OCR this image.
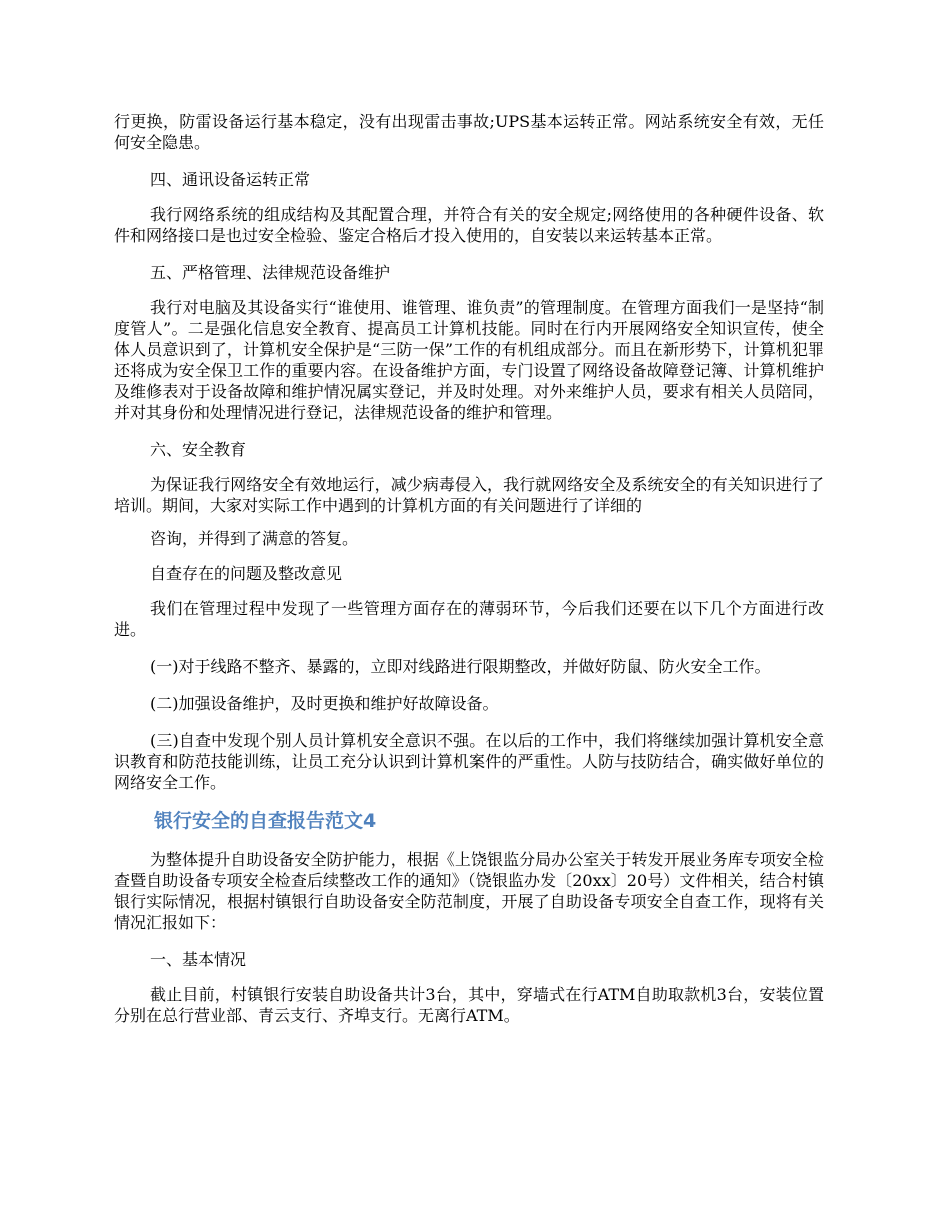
行更换，防雷设备运行基本稳定，没有出现雷击事故;UPS基本运转正常。网站系统安全有效，无任何安全隐患。

四、通讯设备运转正常

我行网络系统的组成结构及其配置合理，并符合有关的安全规定;网络使用的各种硬件设备、软件和网络接口是也过安全检验、鉴定合格后才投入使用的，自安装以来运转基本正常。

五、严格管理、法律规范设备维护

我行对电脑及其设备实行“谁使用、谁管理、谁负责”的管理制度。在管理方面我们一是坚持“制度管人”。二是强化信息安全教育、提高员工计算机技能。同时在行内开展网络安全知识宣传，使全体人员意识到了，计算机安全保护是“三防一保”工作的有机组成部分。而且在新形势下，计算机犯罪还将成为安全保卫工作的重要内容。在设备维护方面，专门设置了网络设备故障登记簿、计算机维护及维修表对于设备故障和维护情况属实登记，并及时处理。对外来维护人员，要求有相关人员陪同，并对其身份和处理情况进行登记，法律规范设备的维护和管理。

六、安全教育

为保证我行网络安全有效地运行，减少病毒侵入，我行就网络安全及系统安全的有关知识进行了培训。期间，大家对实际工作中遇到的计算机方面的有关问题进行了详细的

咨询，并得到了满意的答复。

自查存在的问题及整改意见

我们在管理过程中发现了一些管理方面存在的薄弱环节，今后我们还要在以下几个方面进行改进。

(一)对于线路不整齐、暴露的，立即对线路进行限期整改，并做好防鼠、防火安全工作。

(二)加强设备维护，及时更换和维护好故障设备。

(三)自查中发现个别人员计算机安全意识不强。在以后的工作中，我们将继续加强计算机安全意识教育和防范技能训练，让员工充分认识到计算机案件的严重性。人防与技防结合，确实做好单位的网络安全工作。

银行安全的自查报告范文4

为整体提升自助设备安全防护能力，根据《上饶银监分局办公室关于转发开展业务库专项安全检查暨自助设备专项安全检查后续整改工作的通知》（饶银监办发〔20xx〕20号）文件相关，结合村镇银行实际情况，根据村镇银行自助设备安全防范制度，开展了自助设备专项安全自查工作，现将有关情况汇报如下：

一、基本情况

截止目前，村镇银行安装自助设备共计3台，其中，穿墙式在行ATM自助取款机3台，安装位置分别在总行营业部、青云支行、齐埠支行。无离行ATM。
